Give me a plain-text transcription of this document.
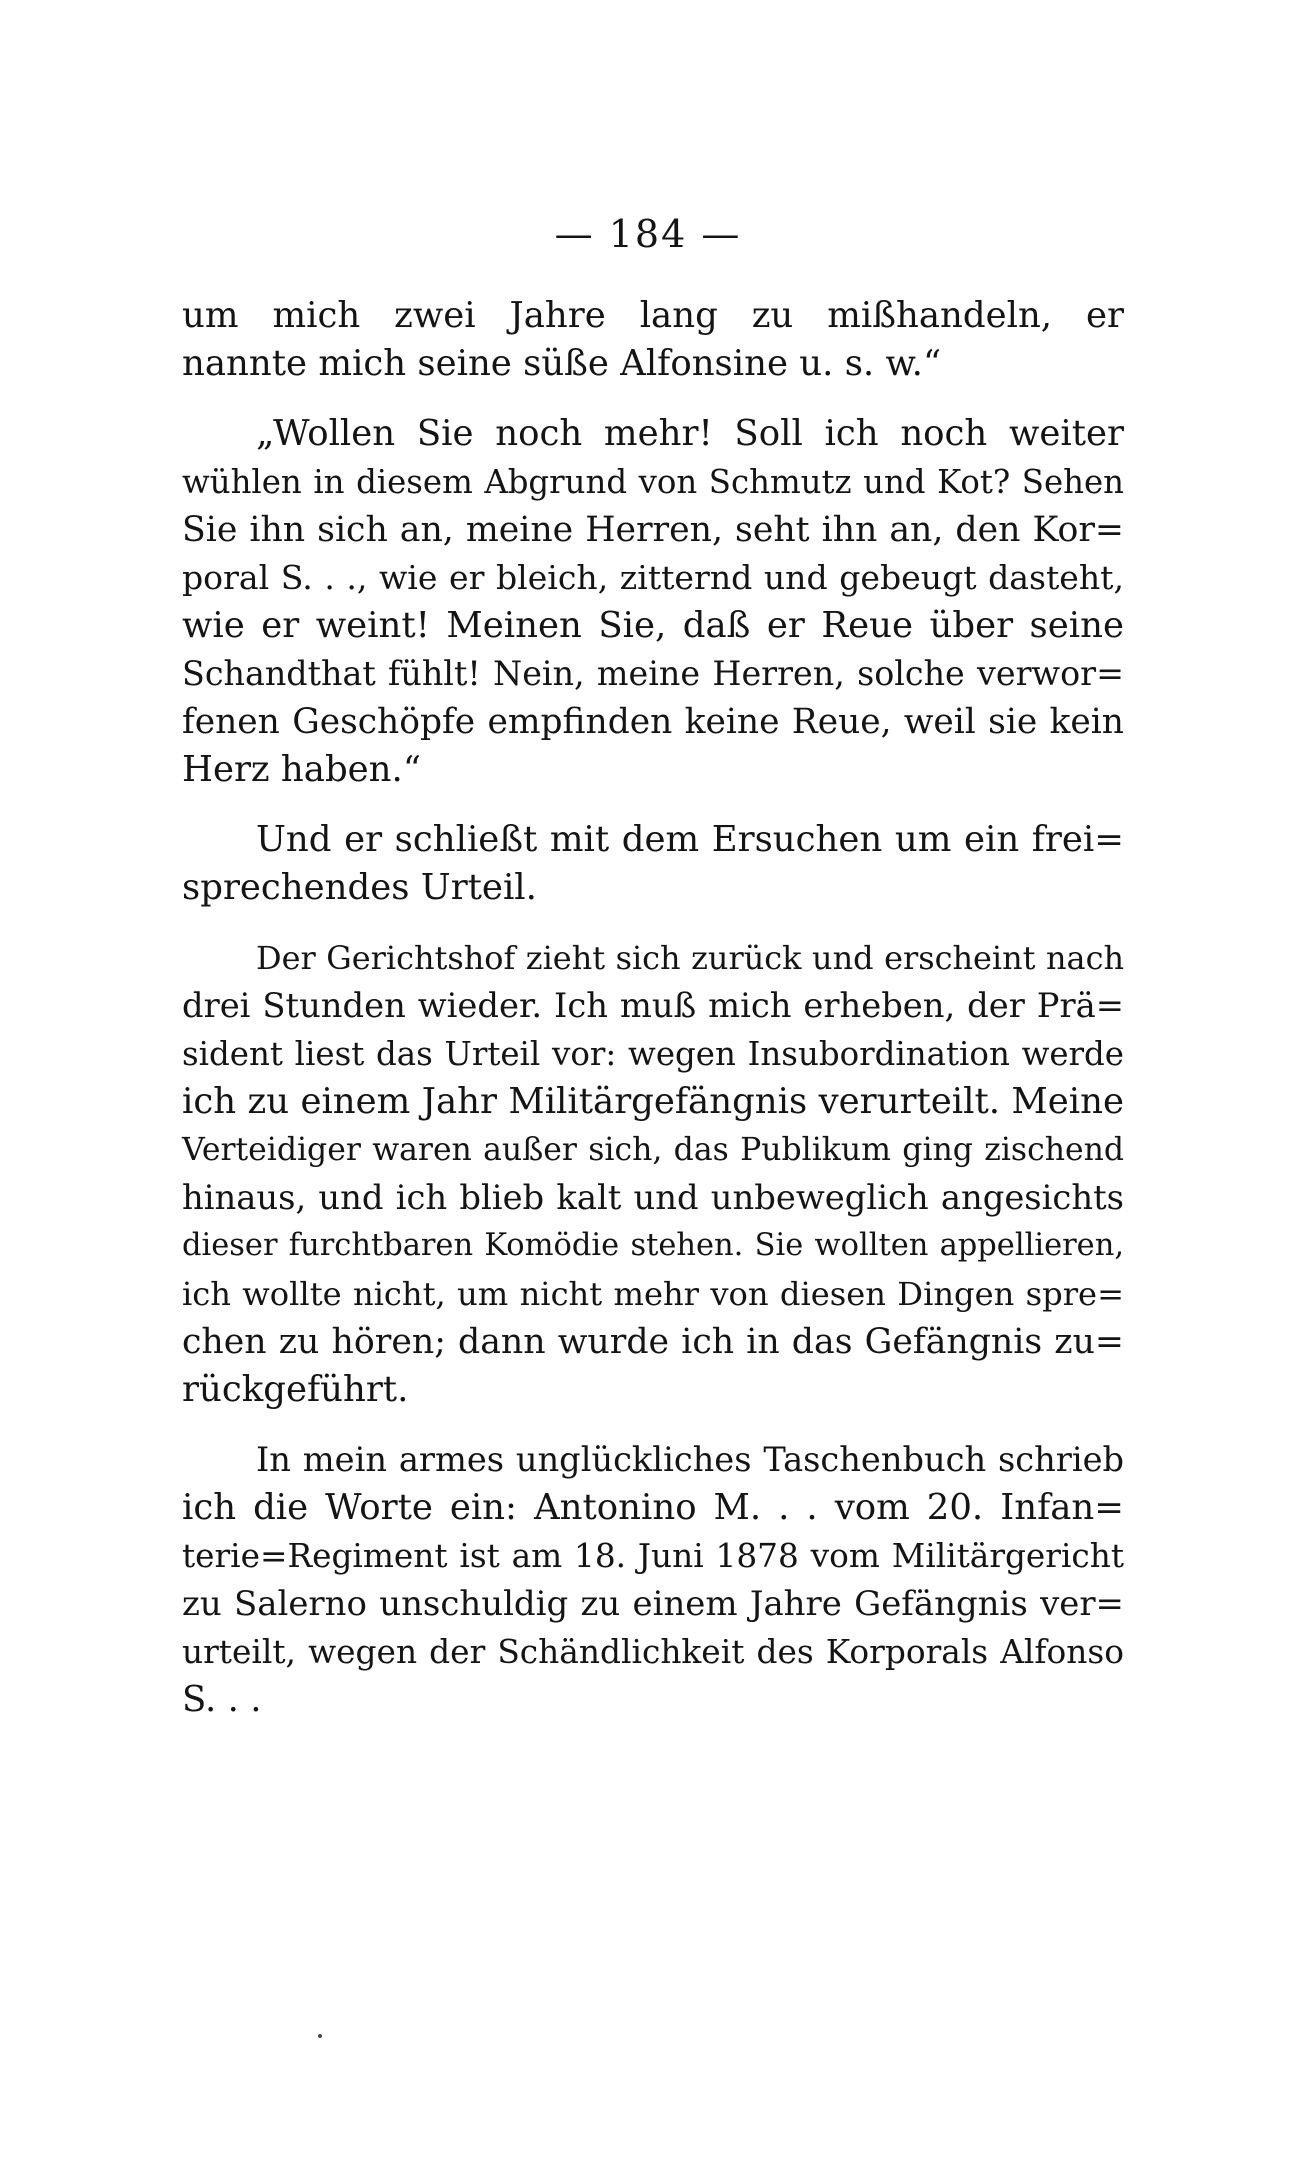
— 184 —
um mich zwei Jahre lang zu mißhandeln, er
nannte mich seine süße Alfonsine u. s. w.“
„Wollen Sie noch mehr! Soll ich noch weiter
wühlen in diesem Abgrund von Schmutz und Kot? Sehen
Sie ihn sich an, meine Herren, seht ihn an, den Kor=
poral S. . ., wie er bleich, zitternd und gebeugt dasteht,
wie er weint! Meinen Sie, daß er Reue über seine
Schandthat fühlt! Nein, meine Herren, solche verwor=
fenen Geschöpfe empfinden keine Reue, weil sie kein
Herz haben.“
Und er schließt mit dem Ersuchen um ein frei=
sprechendes Urteil.
Der Gerichtshof zieht sich zurück und erscheint nach
drei Stunden wieder. Ich muß mich erheben, der Prä=
sident liest das Urteil vor: wegen Insubordination werde
ich zu einem Jahr Militärgefängnis verurteilt. Meine
Verteidiger waren außer sich, das Publikum ging zischend
hinaus, und ich blieb kalt und unbeweglich angesichts
dieser furchtbaren Komödie stehen. Sie wollten appellieren,
ich wollte nicht, um nicht mehr von diesen Dingen spre=
chen zu hören; dann wurde ich in das Gefängnis zu=
rückgeführt.
In mein armes unglückliches Taschenbuch schrieb
ich die Worte ein: Antonino M. . . vom 20. Infan=
terie=Regiment ist am 18. Juni 1878 vom Militärgericht
zu Salerno unschuldig zu einem Jahre Gefängnis ver=
urteilt, wegen der Schändlichkeit des Korporals Alfonso
S. . .
